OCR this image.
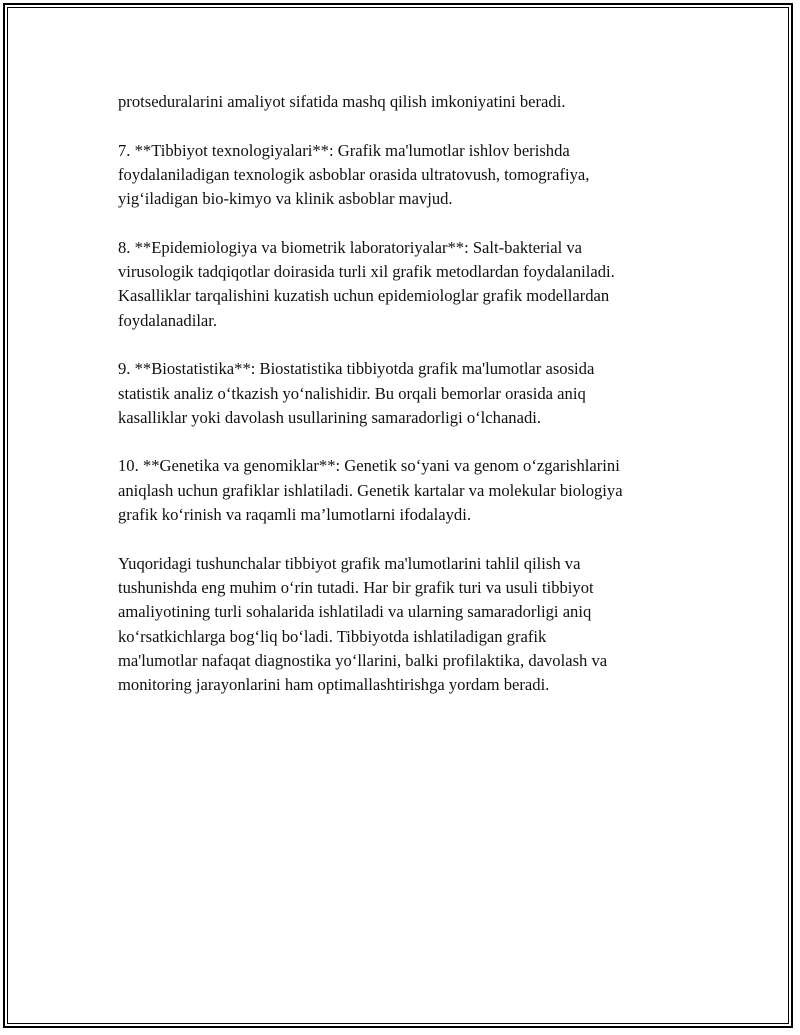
protseduralarini amaliyot sifatida mashq qilish imkoniyatini beradi.

7. **Tibbiyot texnologiyalari**: Grafik ma'lumotlar ishlov berishda
foydalaniladigan texnologik asboblar orasida ultratovush, tomografiya,
yigʻiladigan bio-kimyo va klinik asboblar mavjud.

8. **Epidemiologiya va biometrik laboratoriyalar**: Salt-bakterial va
virusologik tadqiqotlar doirasida turli xil grafik metodlardan foydalaniladi.
Kasalliklar tarqalishini kuzatish uchun epidemiologlar grafik modellardan
foydalanadilar.

9. **Biostatistika**: Biostatistika tibbiyotda grafik ma'lumotlar asosida
statistik analiz oʻtkazish yoʻnalishidir. Bu orqali bemorlar orasida aniq
kasalliklar yoki davolash usullarining samaradorligi oʻlchanadi.

10. **Genetika va genomiklar**: Genetik soʻyani va genom oʻzgarishlarini
aniqlash uchun grafiklar ishlatiladi. Genetik kartalar va molekular biologiya
grafik koʻrinish va raqamli ma’lumotlarni ifodalaydi.

Yuqoridagi tushunchalar tibbiyot grafik ma'lumotlarini tahlil qilish va
tushunishda eng muhim oʻrin tutadi. Har bir grafik turi va usuli tibbiyot
amaliyotining turli sohalarida ishlatiladi va ularning samaradorligi aniq
koʻrsatkichlarga bogʻliq boʻladi. Tibbiyotda ishlatiladigan grafik
ma'lumotlar nafaqat diagnostika yoʻllarini, balki profilaktika, davolash va
monitoring jarayonlarini ham optimallashtirishga yordam beradi.
